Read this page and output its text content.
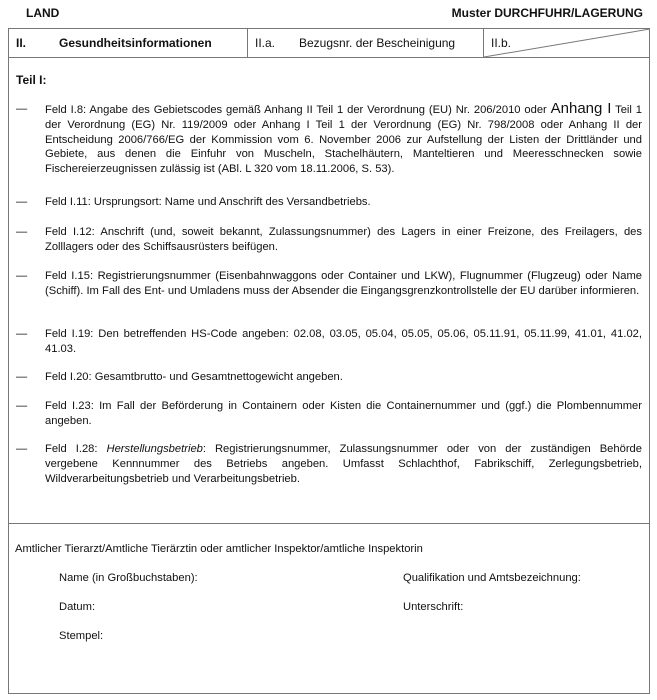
LAND	Muster DURCHFUHR/LAGERUNG
II.	Gesundheitsinformationen	II.a. Bezugsnr. der Bescheinigung	II.b.
Teil I:
— Feld I.8: Angabe des Gebietscodes gemäß Anhang II Teil 1 der Verordnung (EU) Nr. 206/2010 oder Anhang I Teil 1 der Verordnung (EG) Nr. 119/2009 oder Anhang I Teil 1 der Verordnung (EG) Nr. 798/2008 oder Anhang II der Entscheidung 2006/766/EG der Kommission vom 6. November 2006 zur Aufstellung der Listen der Drittländer und Gebiete, aus denen die Einfuhr von Muscheln, Stachelhäutern, Manteltieren und Meeresschnecken sowie Fischereierzeugnissen zulässig ist (ABl. L 320 vom 18.11.2006, S. 53).
— Feld I.11: Ursprungsort: Name und Anschrift des Versandbetriebs.
— Feld I.12: Anschrift (und, soweit bekannt, Zulassungsnummer) des Lagers in einer Freizone, des Freilagers, des Zolllagers oder des Schiffsausrüsters beifügen.
— Feld I.15: Registrierungsnummer (Eisenbahnwaggons oder Container und LKW), Flugnummer (Flugzeug) oder Name (Schiff). Im Fall des Ent- und Umladens muss der Absender die Eingangsgrenzkontrollstelle der EU darüber informieren.
— Feld I.19: Den betreffenden HS-Code angeben: 02.08, 03.05, 05.04, 05.05, 05.06, 05.11.91, 05.11.99, 41.01, 41.02, 41.03.
— Feld I.20: Gesamtbrutto- und Gesamtnettogewicht angeben.
— Feld I.23: Im Fall der Beförderung in Containern oder Kisten die Containernummer und (ggf.) die Plombennummer angeben.
— Feld I.28: Herstellungsbetrieb: Registrierungsnummer, Zulassungsnummer oder von der zuständigen Behörde vergebene Kennnummer des Betriebs angeben. Umfasst Schlachthof, Fabrikschiff, Zerlegungsbetrieb, Wildverarbeitungsbetrieb und Verarbeitungsbetrieb.
Amtlicher Tierarzt/Amtliche Tierärztin oder amtlicher Inspektor/amtliche Inspektorin
Name (in Großbuchstaben):	Qualifikation und Amtsbezeichnung:
Datum:	Unterschrift:
Stempel:
